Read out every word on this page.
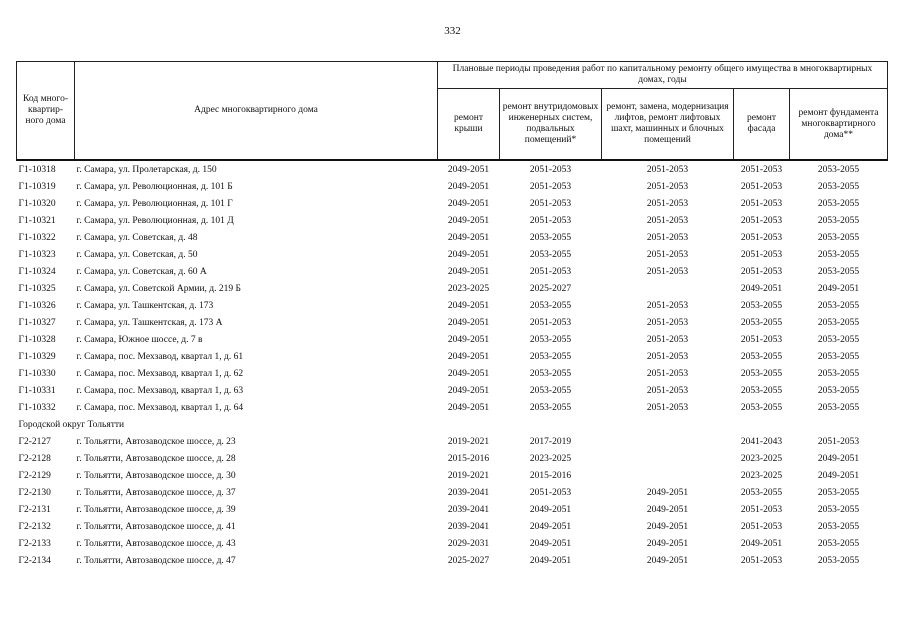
332
Код много-
квартир-
ного дома	Адрес многоквартирного дома	Плановые периоды проведения работ по капитальному ремонту общего имущества в многоквартирных домах, годы				
		ремонт крыши	ремонт внутридомовых инженерных систем, подвальных помещений*	ремонт, замена, модернизация лифтов, ремонт лифтовых шахт, машинных и блочных помещений	ремонт фасада	ремонт фундамента многоквартирного дома**
Г1-10318	г. Самара, ул. Пролетарская, д. 150	2049-2051	2051-2053	2051-2053	2051-2053	2053-2055
Г1-10319	г. Самара, ул. Революционная, д. 101 Б	2049-2051	2051-2053	2051-2053	2051-2053	2053-2055
Г1-10320	г. Самара, ул. Революционная, д. 101 Г	2049-2051	2051-2053	2051-2053	2051-2053	2053-2055
Г1-10321	г. Самара, ул. Революционная, д. 101 Д	2049-2051	2051-2053	2051-2053	2051-2053	2053-2055
Г1-10322	г. Самара, ул. Советская, д. 48	2049-2051	2053-2055	2051-2053	2051-2053	2053-2055
Г1-10323	г. Самара, ул. Советская, д. 50	2049-2051	2053-2055	2051-2053	2051-2053	2053-2055
Г1-10324	г. Самара, ул. Советская, д. 60 А	2049-2051	2051-2053	2051-2053	2051-2053	2053-2055
Г1-10325	г. Самара, ул. Советской Армии, д. 219 Б	2023-2025	2025-2027		2049-2051	2049-2051
Г1-10326	г. Самара, ул. Ташкентская, д. 173	2049-2051	2053-2055	2051-2053	2053-2055	2053-2055
Г1-10327	г. Самара, ул. Ташкентская, д. 173 А	2049-2051	2051-2053	2051-2053	2053-2055	2053-2055
Г1-10328	г. Самара, Южное шоссе, д. 7 в	2049-2051	2053-2055	2051-2053	2051-2053	2053-2055
Г1-10329	г. Самара, пос. Мехзавод, квартал 1, д. 61	2049-2051	2053-2055	2051-2053	2053-2055	2053-2055
Г1-10330	г. Самара, пос. Мехзавод, квартал 1, д. 62	2049-2051	2053-2055	2051-2053	2053-2055	2053-2055
Г1-10331	г. Самара, пос. Мехзавод, квартал 1, д. 63	2049-2051	2053-2055	2051-2053	2053-2055	2053-2055
Г1-10332	г. Самара, пос. Мехзавод, квартал 1, д. 64	2049-2051	2053-2055	2051-2053	2053-2055	2053-2055
Городской округ Тольятти						
Г2-2127	г. Тольятти, Автозаводское шоссе, д. 23	2019-2021	2017-2019		2041-2043	2051-2053
Г2-2128	г. Тольятти, Автозаводское шоссе, д. 28	2015-2016	2023-2025		2023-2025	2049-2051
Г2-2129	г. Тольятти, Автозаводское шоссе, д. 30	2019-2021	2015-2016		2023-2025	2049-2051
Г2-2130	г. Тольятти, Автозаводское шоссе, д. 37	2039-2041	2051-2053	2049-2051	2053-2055	2053-2055
Г2-2131	г. Тольятти, Автозаводское шоссе, д. 39	2039-2041	2049-2051	2049-2051	2051-2053	2053-2055
Г2-2132	г. Тольятти, Автозаводское шоссе, д. 41	2039-2041	2049-2051	2049-2051	2051-2053	2053-2055
Г2-2133	г. Тольятти, Автозаводское шоссе, д. 43	2029-2031	2049-2051	2049-2051	2049-2051	2053-2055
Г2-2134	г. Тольятти, Автозаводское шоссе, д. 47	2025-2027	2049-2051	2049-2051	2051-2053	2053-2055
